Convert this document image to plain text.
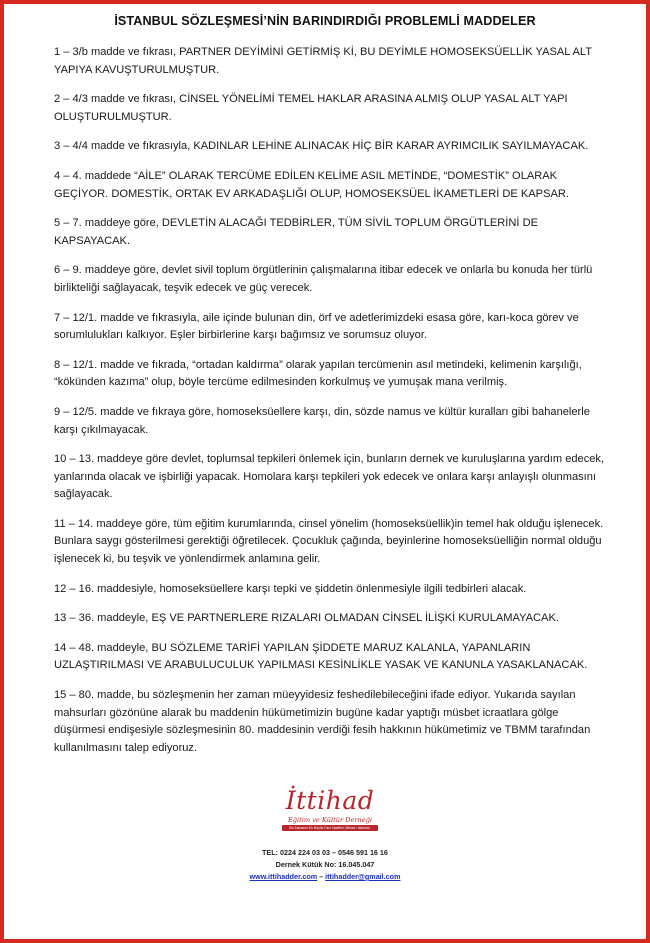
İSTANBUL SÖZLEŞMESİ’NİN BARINDIRDIĞI PROBLEMLİ MADDELER

1 – 3/b madde ve fıkrası, PARTNER DEYİMİNİ GETİRMİŞ Kİ, BU DEYİMLE HOMOSEKSÜELLİK YASAL ALT YAPIYA KAVUŞTURULMUŞTUR.

2 – 4/3 madde ve fıkrası, CİNSEL YÖNELİMİ TEMEL HAKLAR ARASINA ALMIŞ OLUP YASAL ALT YAPI OLUŞTURULMUŞTUR.

3 – 4/4 madde ve fıkrasıyla, KADINLAR LEHİNE ALINACAK HİÇ BİR KARAR AYRIMCILIK SAYILMAYACAK.

4 – 4. maddede “AİLE” OLARAK TERCÜME EDİLEN KELİME ASIL METİNDE, “DOMESTİK” OLARAK GEÇİYOR. DOMESTİK, ORTAK EV ARKADAŞLIĞI OLUP, HOMOSEKSÜEL İKAMETLERİ DE KAPSAR.

5 – 7. maddeye göre, DEVLETİN ALACAĞI TEDBİRLER, TÜM SİVİL TOPLUM ÖRGÜTLERİNİ DE KAPSAYACAK.

6 – 9. maddeye göre, devlet sivil toplum örgütlerinin çalışmalarına itibar edecek ve onlarla bu konuda her türlü birlikteliği sağlayacak, teşvik edecek ve güç verecek.

7 – 12/1. madde ve fıkrasıyla, aile içinde bulunan din, örf ve adetlerimizdeki esasa göre, karı-koca görev ve sorumlulukları kalkıyor. Eşler birbirlerine karşı bağımsız ve sorumsuz oluyor.

8 – 12/1. madde ve fıkrada, “ortadan kaldırma” olarak yapılan tercümenin asıl metindeki, kelimenin karşılığı, “kökünden kazıma” olup, böyle tercüme edilmesinden korkulmuş ve yumuşak mana verilmiş.

9 – 12/5. madde ve fıkraya göre, homoseksüellere karşı, din, sözde namus ve kültür kuralları gibi bahanelerle karşı çıkılmayacak.

10 – 13. maddeye göre devlet, toplumsal tepkileri önlemek için, bunların dernek ve kuruluşlarına yardım edecek, yanlarında olacak ve işbirliği yapacak. Homolara karşı tepkileri yok edecek ve onlara karşı anlayışlı olunmasını sağlayacak.

11 – 14. maddeye göre, tüm eğitim kurumlarında, cinsel yönelim (homoseksüellik)in temel hak olduğu işlenecek. Bunlara saygı gösterilmesi gerektiği öğretilecek. Çocukluk çağında, beyinlerine homoseksüelliğin normal olduğu işlenecek ki, bu teşvik ve yönlendirmek anlamına gelir.

12 – 16. maddesiyle, homoseksüellere karşı tepki ve şiddetin önlenmesiyle ilgili tedbirleri alacak.

13 – 36. maddeyle, EŞ VE PARTNERLERE RIZALARI OLMADAN CİNSEL İLİŞKİ KURULAMAYACAK.

14 – 48. maddeyle, BU SÖZLEME TARİFİ YAPILAN ŞİDDETE MARUZ KALANLA, YAPANLARIN UZLAŞTIRILMASI VE ARABULUCULUK YAPILMASI KESİNLİKLE YASAK VE KANUNLA YASAKLANACAK.

15 – 80. madde, bu sözleşmenin her zaman müeyyidesiz feshedilebileceğini ifade ediyor. Yukarıda sayılan mahsurları gözönüne alarak bu maddenin hükümetimizin bugüne kadar yaptığı müsbet icraatlara gölge düşürmesi endişesiyle sözleşmesinin 80. maddesinin verdiği fesih hakkının hükümetimiz ve TBMM tarafından kullanılmasını talep ediyoruz.

İttihad
Eğitim ve Kültür Derneği
Bu Zamanın En Büyük Farz Vazifesi; İttihad-ı İslamdır.
TEL: 0224 224 03 03 – 0546 591 16 16
Dernek Kütük No: 16.045.047
www.ittihadder.com – ittihadder@gmail.com
